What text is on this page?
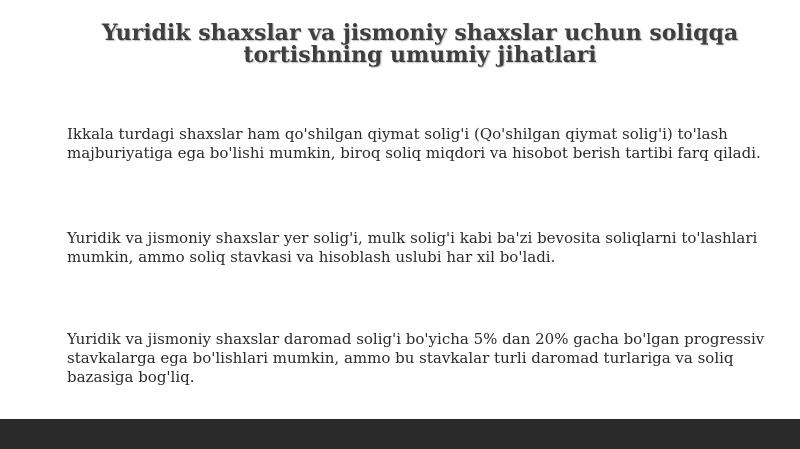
Yuridik shaxslar va jismoniy shaxslar uchun soliqqa tortishning umumiy jihatlari

Ikkala turdagi shaxslar ham qo'shilgan qiymat solig'i (Qo'shilgan qiymat solig'i) to'lash majburiyatiga ega bo'lishi mumkin, biroq soliq miqdori va hisobot berish tartibi farq qiladi.

Yuridik va jismoniy shaxslar yer solig'i, mulk solig'i kabi ba'zi bevosita soliqlarni to'lashlari mumkin, ammo soliq stavkasi va hisoblash uslubi har xil bo'ladi.

Yuridik va jismoniy shaxslar daromad solig'i bo'yicha 5% dan 20% gacha bo'lgan progressiv stavkalarga ega bo'lishlari mumkin, ammo bu stavkalar turli daromad turlariga va soliq bazasiga bog'liq.
